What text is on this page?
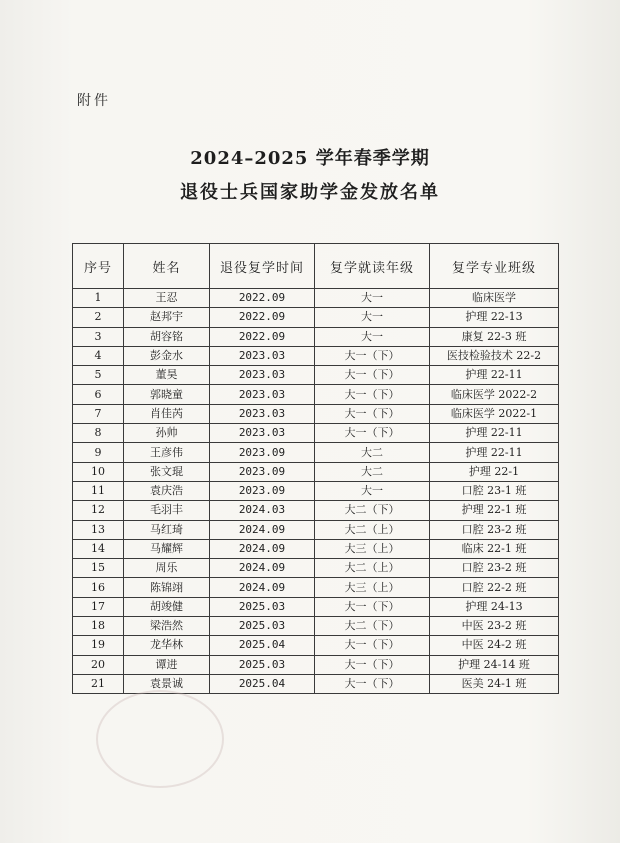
附件
2024–2025 学年春季学期
退役士兵国家助学金发放名单
序号	姓名	退役复学时间	复学就读年级	复学专业班级
1	王忍	2022.09	大一	临床医学
2	赵邦宇	2022.09	大一	护理 22-13
3	胡容铭	2022.09	大一	康复 22-3 班
4	彭金水	2023.03	大一（下）	医技检验技术 22-2
5	董昊	2023.03	大一（下）	护理 22-11
6	郭晓童	2023.03	大一（下）	临床医学 2022-2
7	肖佳芮	2023.03	大一（下）	临床医学 2022-1
8	孙帅	2023.03	大一（下）	护理 22-11
9	王彦伟	2023.09	大二	护理 22-11
10	张文琨	2023.09	大二	护理 22-1
11	袁庆浩	2023.09	大一	口腔 23-1 班
12	毛羽丰	2024.03	大二（下）	护理 22-1 班
13	马红琦	2024.09	大二（上）	口腔 23-2 班
14	马耀辉	2024.09	大三（上）	临床 22-1 班
15	周乐	2024.09	大二（上）	口腔 23-2 班
16	陈锦翊	2024.09	大三（上）	口腔 22-2 班
17	胡竣健	2025.03	大一（下）	护理 24-13
18	梁浩然	2025.03	大二（下）	中医 23-2 班
19	龙华林	2025.04	大一（下）	中医 24-2 班
20	谭进	2025.03	大一（下）	护理 24-14 班
21	袁景诚	2025.04	大一（下）	医美 24-1 班
